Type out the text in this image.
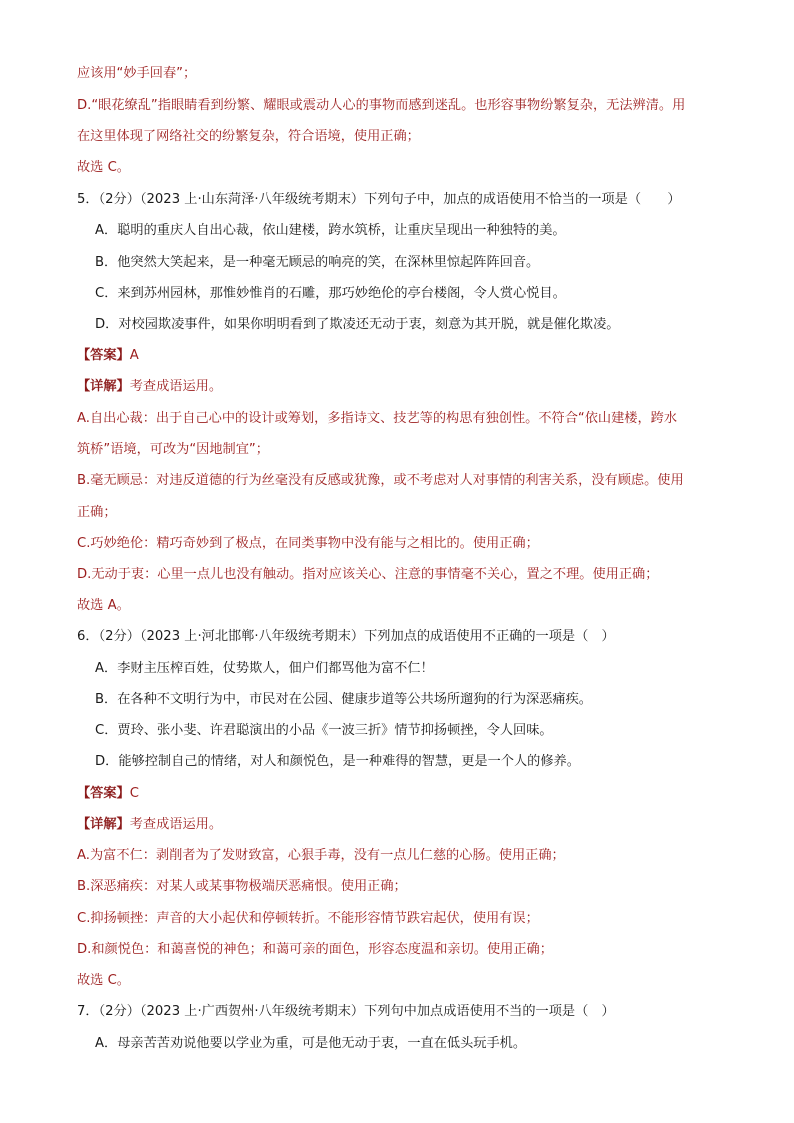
应该用“妙手回春”；
D.“眼花缭乱”指眼睛看到纷繁、耀眼或震动人心的事物而感到迷乱。也形容事物纷繁复杂，无法辨清。用
在这里体现了网络社交的纷繁复杂，符合语境，使用正确；
故选 C。
5．（2分）（2023 上·山东菏泽·八年级统考期末）下列句子中，加点的成语使用不恰当的一项是（　　）
A．聪明的重庆人自出心裁，依山建楼，跨水筑桥，让重庆呈现出一种独特的美。
B．他突然大笑起来，是一种毫无顾忌的响亮的笑，在深林里惊起阵阵回音。
C．来到苏州园林，那惟妙惟肖的石雕，那巧妙绝伦的亭台楼阁，令人赏心悦目。
D．对校园欺凌事件，如果你明明看到了欺凌还无动于衷，刻意为其开脱，就是催化欺凌。
【答案】A
【详解】考查成语运用。
A.自出心裁：出于自己心中的设计或筹划，多指诗文、技艺等的构思有独创性。不符合“依山建楼，跨水
筑桥”语境，可改为“因地制宜”；
B.毫无顾忌：对违反道德的行为丝毫没有反感或犹豫，或不考虑对人对事情的利害关系，没有顾虑。使用
正确；
C.巧妙绝伦：精巧奇妙到了极点，在同类事物中没有能与之相比的。使用正确；
D.无动于衷：心里一点儿也没有触动。指对应该关心、注意的事情毫不关心，置之不理。使用正确；
故选 A。
6．（2分）（2023 上·河北邯郸·八年级统考期末）下列加点的成语使用不正确的一项是（　）
A．李财主压榨百姓，仗势欺人，佃户们都骂他为富不仁！
B．在各种不文明行为中，市民对在公园、健康步道等公共场所遛狗的行为深恶痛疾。
C．贾玲、张小斐、许君聪演出的小品《一波三折》情节抑扬顿挫，令人回味。
D．能够控制自己的情绪，对人和颜悦色，是一种难得的智慧，更是一个人的修养。
【答案】C
【详解】考查成语运用。
A.为富不仁：剥削者为了发财致富，心狠手毒，没有一点儿仁慈的心肠。使用正确；
B.深恶痛疾：对某人或某事物极端厌恶痛恨。使用正确；
C.抑扬顿挫：声音的大小起伏和停顿转折。不能形容情节跌宕起伏，使用有误；
D.和颜悦色：和蔼喜悦的神色；和蔼可亲的面色，形容态度温和亲切。使用正确；
故选 C。
7．（2分）（2023 上·广西贺州·八年级统考期末）下列句中加点成语使用不当的一项是（　）
A．母亲苦苦劝说他要以学业为重，可是他无动于衷，一直在低头玩手机。
